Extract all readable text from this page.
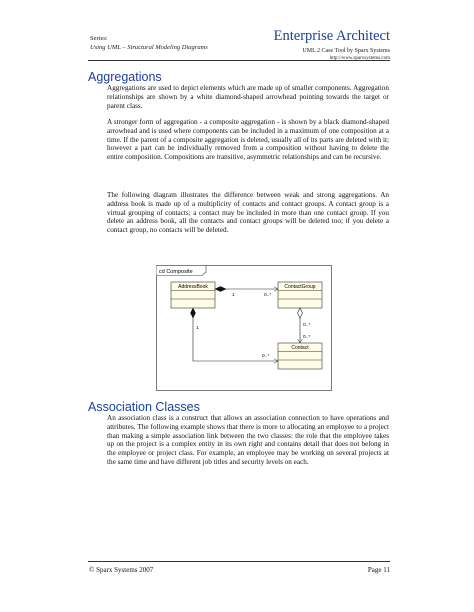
Series:
Using UML – Structural Modeling Diagrams
Enterprise Architect
UML 2 Case Tool by Sparx Systems
http://www.sparxsystems.com
Aggregations
Aggregations are used to depict elements which are made up of smaller components. Aggregation relationships are shown by a white diamond-shaped arrowhead pointing towards the target or parent class.
A stronger form of aggregation - a composite aggregation - is shown by a black diamond-shaped arrowhead and is used where components can be included in a maximum of one composition at a time. If the parent of a composite aggregation is deleted, usually all of its parts are deleted with it; however a part can be individually removed from a composition without having to delete the entire composition. Compositions are transitive, asymmetric relationships and can be recursive.
The following diagram illustrates the difference between weak and strong aggregations. An address book is made up of a multiplicity of contacts and contact groups. A contact group is a virtual grouping of contacts; a contact may be included in more than one contact group. If you delete an address book, all the contacts and contact groups will be deleted too; if you delete a contact group, no contacts will be deleted.
cd Composite
AddressBook	ContactGroup
Contact
1	0..*
0..*
0..*
1
0..*
Association Classes
An association class is a construct that allows an association connection to have operations and attributes. The following example shows that there is more to allocating an employee to a project than making a simple association link between the two classes: the role that the employee takes up on the project is a complex entity in its own right and contains detail that does not belong in the employee or project class. For example, an employee may be working on several projects at the same time and have different job titles and security levels on each.
© Sparx Systems 2007	Page 11
